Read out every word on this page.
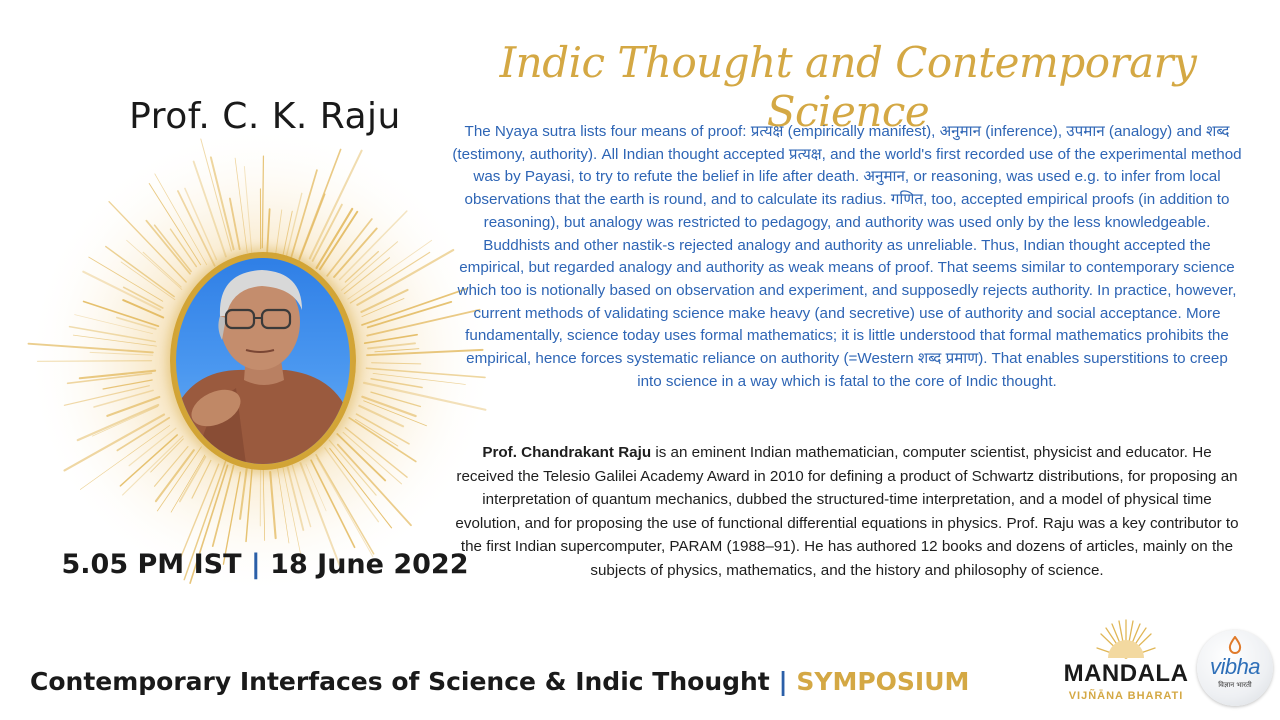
Prof. C. K. Raju
5.05 PM IST | 18 June 2022
Indic Thought and Contemporary Science

The Nyaya sutra lists four means of proof: प्रत्यक्ष (empirically manifest), अनुमान (inference), उपमान (analogy) and शब्द (testimony, authority). All Indian thought accepted प्रत्यक्ष, and the world's first recorded use of the experimental method was by Payasi, to try to refute the belief in life after death. अनुमान, or reasoning, was used e.g. to infer from local observations that the earth is round, and to calculate its radius. गणित, too, accepted empirical proofs (in addition to reasoning), but analogy was restricted to pedagogy, and authority was used only by the less knowledgeable. Buddhists and other nastik-s rejected analogy and authority as unreliable. Thus, Indian thought accepted the empirical, but regarded analogy and authority as weak means of proof. That seems similar to contemporary science which too is notionally based on observation and experiment, and supposedly rejects authority. In practice, however, current methods of validating science make heavy (and secretive) use of authority and social acceptance. More fundamentally, science today uses formal mathematics; it is little understood that formal mathematics prohibits the empirical, hence forces systematic reliance on authority (=Western शब्द प्रमाण). That enables superstitions to creep into science in a way which is fatal to the core of Indic thought.

Prof. Chandrakant Raju is an eminent Indian mathematician, computer scientist, physicist and educator. He received the Telesio Galilei Academy Award in 2010 for defining a product of Schwartz distributions, for proposing an interpretation of quantum mechanics, dubbed the structured-time interpretation, and a model of physical time evolution, and for proposing the use of functional differential equations in physics. Prof. Raju was a key contributor to the first Indian supercomputer, PARAM (1988–91). He has authored 12 books and dozens of articles, mainly on the subjects of physics, mathematics, and the history and philosophy of science.

Contemporary Interfaces of Science & Indic Thought | SYMPOSIUM	MANDALA
VIJÑĀNA BHARATI
vibha
विज्ञान भारती
